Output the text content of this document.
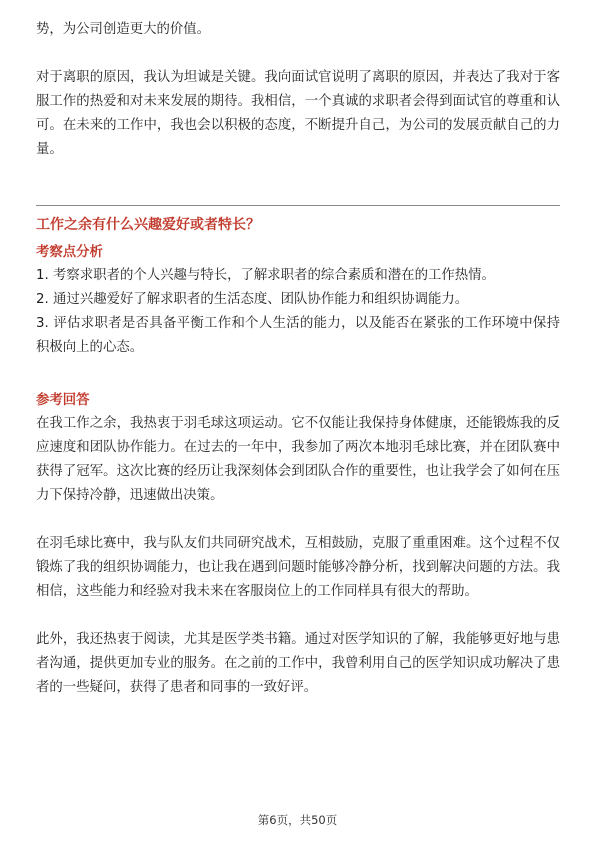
势，为公司创造更大的价值。

对于离职的原因，我认为坦诚是关键。我向面试官说明了离职的原因，并表达了我对于客服工作的热爱和对未来发展的期待。我相信，一个真诚的求职者会得到面试官的尊重和认可。在未来的工作中，我也会以积极的态度，不断提升自己，为公司的发展贡献自己的力量。

工作之余有什么兴趣爱好或者特长？

考察点分析

1. 考察求职者的个人兴趣与特长，了解求职者的综合素质和潜在的工作热情。

2. 通过兴趣爱好了解求职者的生活态度、团队协作能力和组织协调能力。

3. 评估求职者是否具备平衡工作和个人生活的能力，以及能否在紧张的工作环境中保持积极向上的心态。

参考回答

在我工作之余，我热衷于羽毛球这项运动。它不仅能让我保持身体健康，还能锻炼我的反应速度和团队协作能力。在过去的一年中，我参加了两次本地羽毛球比赛，并在团队赛中获得了冠军。这次比赛的经历让我深刻体会到团队合作的重要性，也让我学会了如何在压力下保持冷静，迅速做出决策。

在羽毛球比赛中，我与队友们共同研究战术，互相鼓励，克服了重重困难。这个过程不仅锻炼了我的组织协调能力，也让我在遇到问题时能够冷静分析，找到解决问题的方法。我相信，这些能力和经验对我未来在客服岗位上的工作同样具有很大的帮助。

此外，我还热衷于阅读，尤其是医学类书籍。通过对医学知识的了解，我能够更好地与患者沟通，提供更加专业的服务。在之前的工作中，我曾利用自己的医学知识成功解决了患者的一些疑问，获得了患者和同事的一致好评。

第6页，共50页
